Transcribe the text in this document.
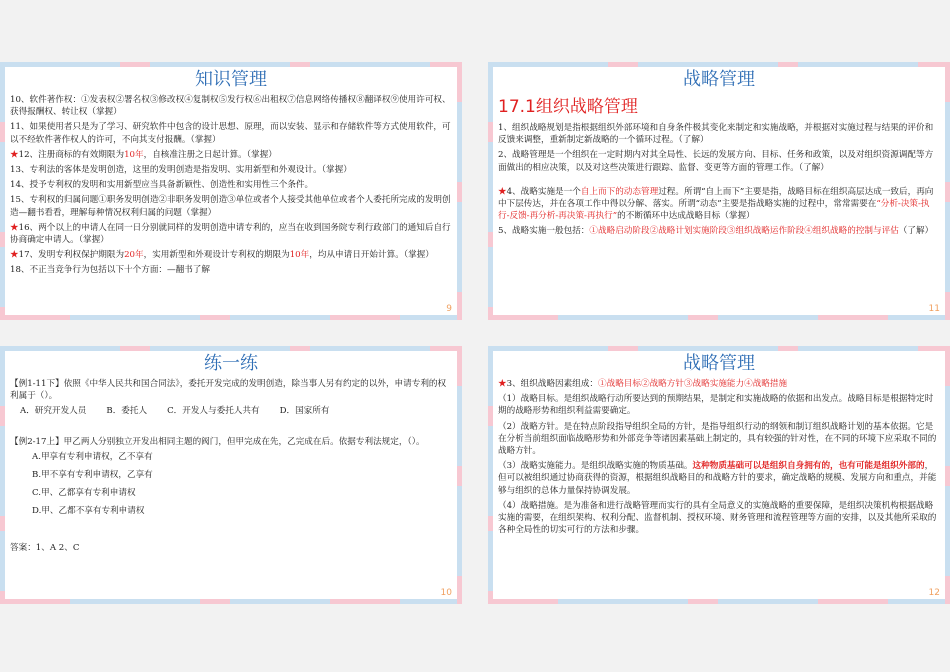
知识管理

10、软件著作权：①发表权②署名权③修改权④复制权⑤发行权⑥出租权⑦信息网络传播权⑧翻译权⑨使用许可权、获得报酬权、转让权（掌握）

11、如果使用者只是为了学习、研究软件中包含的设计思想、原理，而以安装、显示和存储软件等方式使用软件，可以不经软件著作权人的许可，不向其支付报酬。（掌握）

★12、注册商标的有效期限为10年，自核准注册之日起计算。（掌握）

13、专利法的客体是发明创造，这里的发明创造是指发明、实用新型和外观设计。（掌握）

14、授予专利权的发明和实用新型应当具备新颖性、创造性和实用性三个条件。

15、专利权的归属问题①职务发明创造②非职务发明创造③单位或者个人接受其他单位或者个人委托所完成的发明创造—翻书看看，理解每种情况权利归属的问题（掌握）

★16、两个以上的申请人在同一日分别就同样的发明创造申请专利的，应当在收到国务院专利行政部门的通知后自行协商确定申请人。（掌握）

★17、发明专利权保护期限为20年，实用新型和外观设计专利权的期限为10年，均从申请日开始计算。（掌握）

18、不正当竞争行为包括以下十个方面：—翻书了解

9
战略管理

17.1组织战略管理

1、组织战略规划是指根据组织外部环境和自身条件极其变化来制定和实施战略，并根据对实施过程与结果的评价和反馈来调整，重新制定新战略的一个循环过程。（了解）

2、战略管理是一个组织在一定时期内对其全局性、长远的发展方向、目标、任务和政策，以及对组织资源调配等方面做出的相应决策，以及对这些决策进行跟踪、监督、变更等方面的管理工作。（了解）

★4、战略实施是一个自上而下的动态管理过程。所谓“自上而下”主要是指，战略目标在组织高层达成一致后，再向中下层传达，并在各项工作中得以分解、落实。所谓“动态”主要是指战略实施的过程中，常常需要在“分析-决策-执行-反馈-再分析-再决策-再执行”的不断循环中达成战略目标（掌握）

5、战略实施一般包括：①战略启动阶段②战略计划实施阶段③组织战略运作阶段④组织战略的控制与评估（了解）

11
练一练

【例1-11下】依照《中华人民共和国合同法》，委托开发完成的发明创造，除当事人另有约定的以外，申请专利的权利属于（）。

A．研究开发人员 B．委托人 C．开发人与委托人共有 D．国家所有

【例2-17上】甲乙两人分别独立开发出相同主题的阀门，但甲完成在先，乙完成在后。依据专利法规定，（）。

A.甲享有专利申请权，乙不享有

B.甲不享有专利申请权，乙享有

C.甲、乙都享有专利申请权

D.甲、乙都不享有专利申请权

答案：1、A 2、C

10
战略管理

★3、组织战略因素组成：①战略目标②战略方针③战略实施能力④战略措施

（1）战略目标。是组织战略行动所要达到的预期结果，是制定和实施战略的依据和出发点。战略目标是根据特定时期的战略形势和组织利益需要确定。

（2）战略方针。是在特点阶段指导组织全局的方针，是指导组织行动的纲领和制订组织战略计划的基本依据。它是在分析当前组织面临战略形势和外部竞争等诸因素基础上制定的，具有较强的针对性，在不同的环境下应采取不同的战略方针。

（3）战略实施能力。是组织战略实施的物质基础。这种物质基础可以是组织自身拥有的，也有可能是组织外部的，但可以被组织通过协商获得的资源，根据组织战略目的和战略方针的要求，确定战略的规模、发展方向和重点，并能够与组织的总体力量保持协调发展。

（4）战略措施。是为准备和进行战略管理而实行的具有全局意义的实施战略的重要保障，是组织决策机构根据战略实施的需要，在组织架构、权利分配、监督机制、授权环境、财务管理和流程管理等方面的安排，以及其他所采取的各种全局性的切实可行的方法和步骤。

12
